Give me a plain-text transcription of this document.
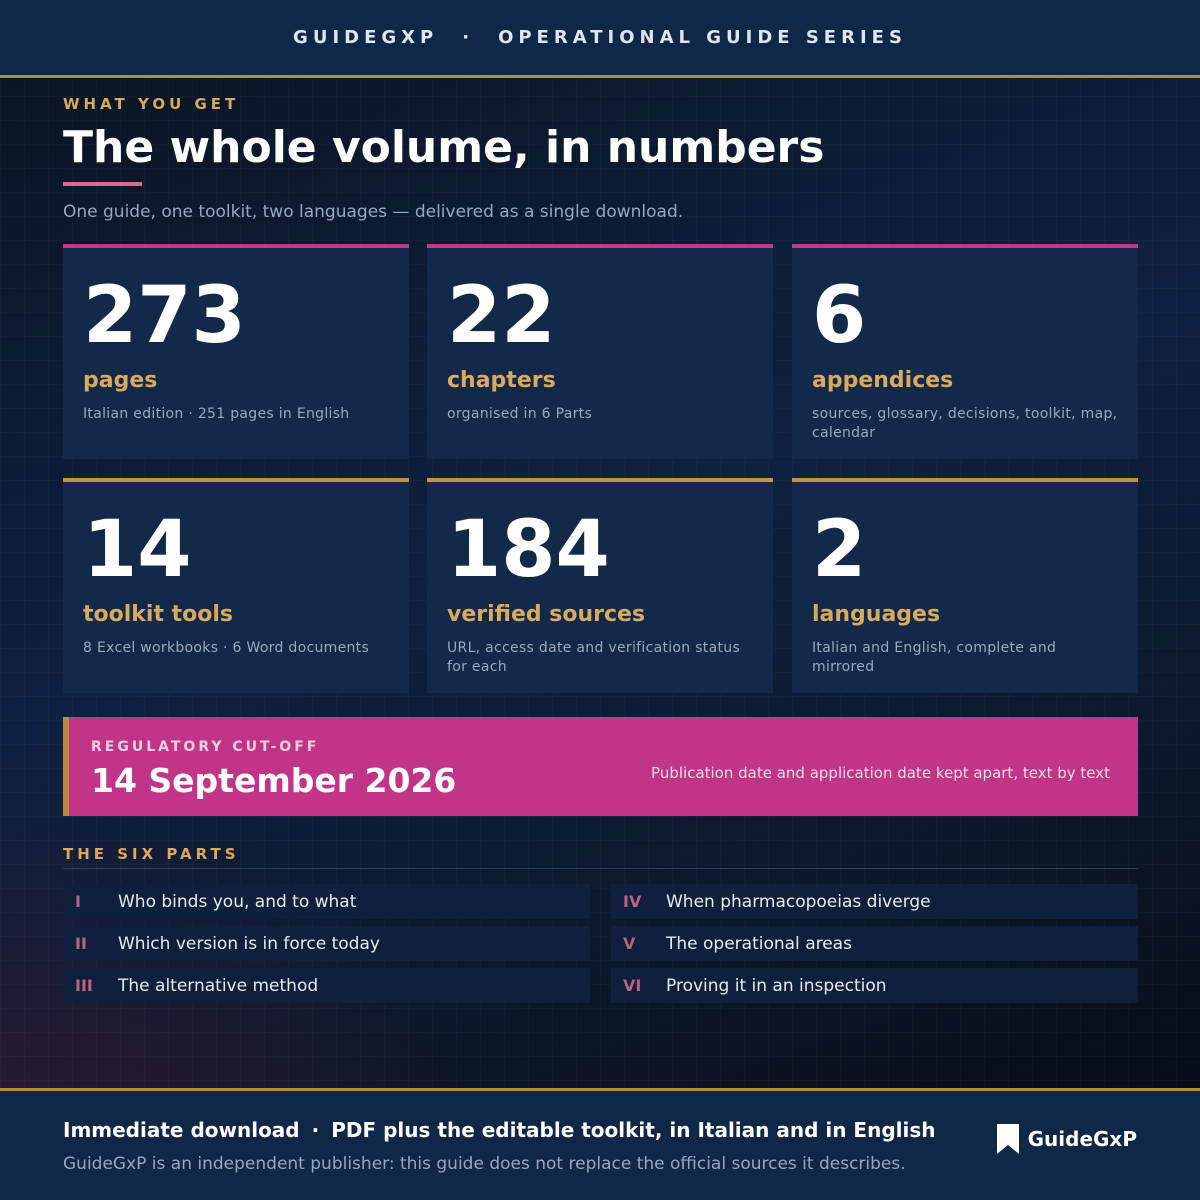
GUIDEGXP · OPERATIONAL GUIDE SERIES
WHAT YOU GET
The whole volume, in numbers
One guide, one toolkit, two languages — delivered as a single download.
273
pages
Italian edition · 251 pages in English
22
chapters
organised in 6 Parts
6
appendices
sources, glossary, decisions, toolkit, map, calendar
14
toolkit tools
8 Excel workbooks · 6 Word documents
184
verified sources
URL, access date and verification status for each
2
languages
Italian and English, complete and mirrored
REGULATORY CUT-OFF
14 September 2026	Publication date and application date kept apart, text by text
THE SIX PARTS
I	Who binds you, and to what
II	Which version is in force today
III	The alternative method
IV	When pharmacopoeias diverge
V	The operational areas
VI	Proving it in an inspection
Immediate download · PDF plus the editable toolkit, in Italian and in English
GuideGxP is an independent publisher: this guide does not replace the official sources it describes.
GuideGxP
